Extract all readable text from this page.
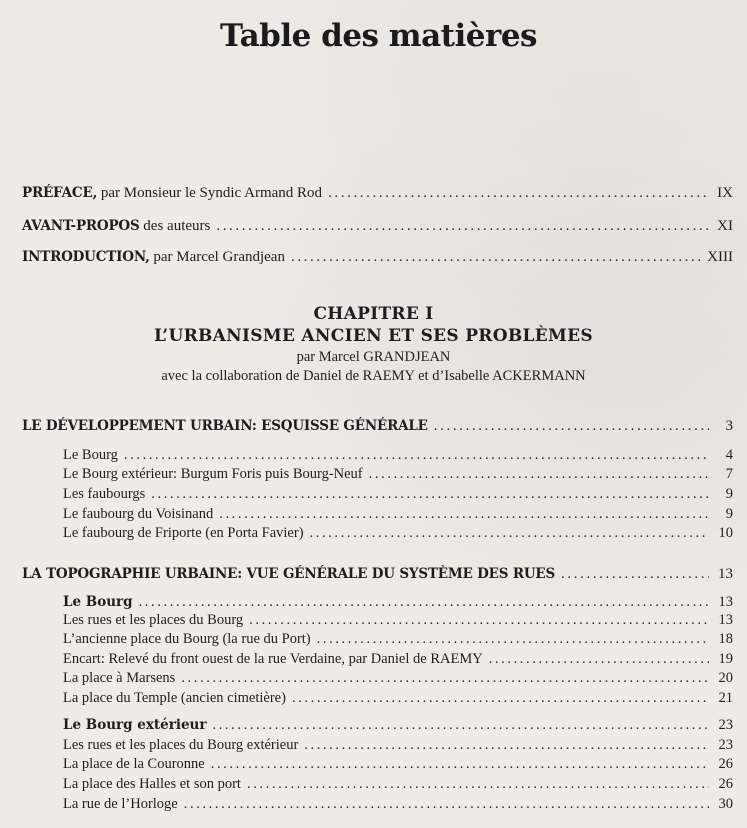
Table des matières
PRÉFACE, par Monsieur le Syndic Armand Rod .....	IX
AVANT-PROPOS des auteurs .....	XI
INTRODUCTION, par Marcel Grandjean .....	XIII
CHAPITRE I
L’URBANISME ANCIEN ET SES PROBLÈMES
par Marcel GRANDJEAN
avec la collaboration de Daniel de RAEMY et d’Isabelle ACKERMANN
LE DÉVELOPPEMENT URBAIN: ESQUISSE GÉNÉRALE .....	3
Le Bourg .....	4
Le Bourg extérieur: Burgum Foris puis Bourg-Neuf .....	7
Les faubourgs .....	9
Le faubourg du Voisinand .....	9
Le faubourg de Friporte (en Porta Favier) .....	10
LA TOPOGRAPHIE URBAINE: VUE GÉNÉRALE DU SYSTÈME DES RUES .....	13
Le Bourg .....	13
Les rues et les places du Bourg .....	13
L’ancienne place du Bourg (la rue du Port) .....	18
Encart: Relevé du front ouest de la rue Verdaine, par Daniel de RAEMY .....	19
La place à Marsens .....	20
La place du Temple (ancien cimetière) .....	21
Le Bourg extérieur .....	23
Les rues et les places du Bourg extérieur .....	23
La place de la Couronne .....	26
La place des Halles et son port .....	26
La rue de l’Horloge .....	30
